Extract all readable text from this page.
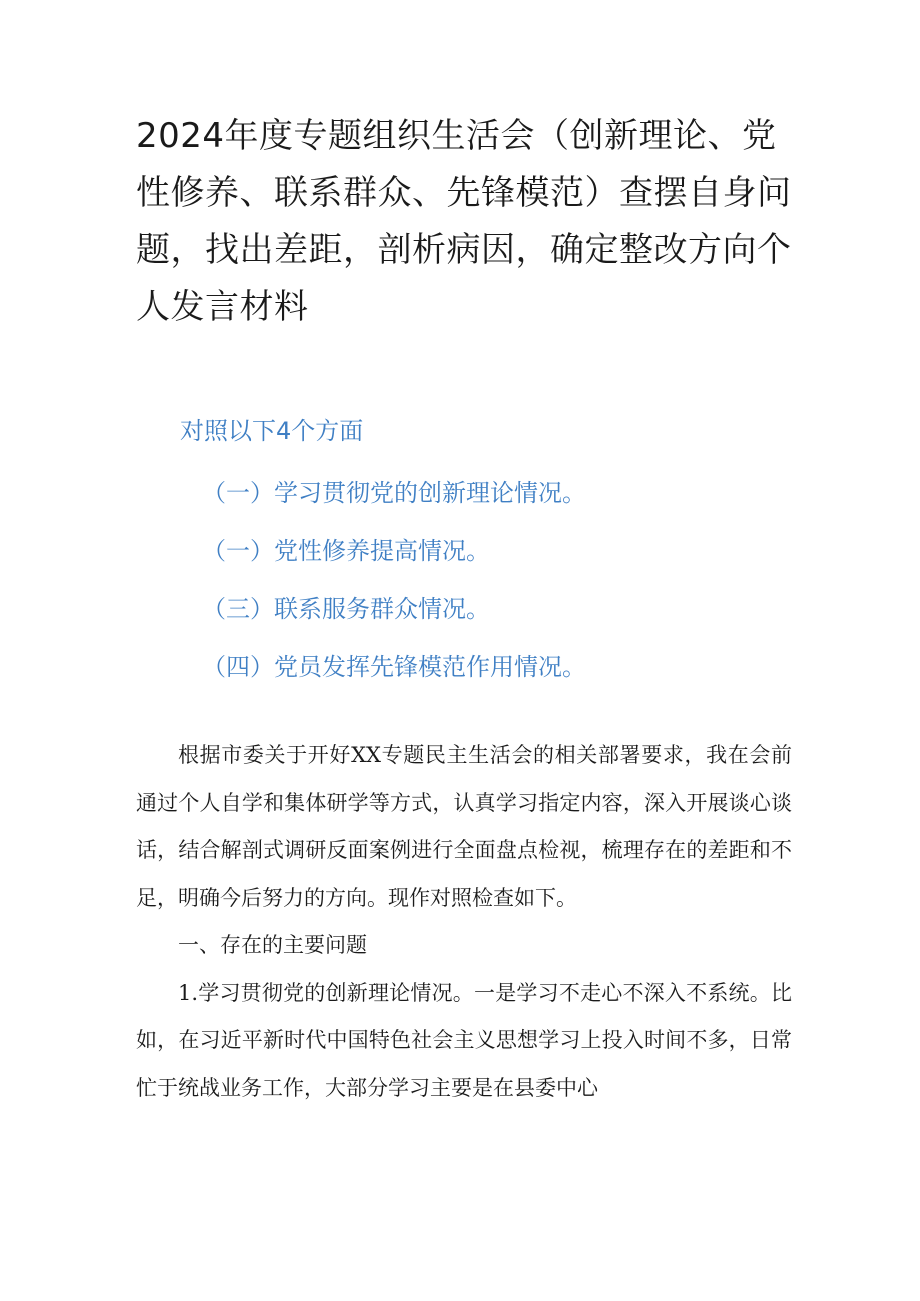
2024年度专题组织生活会（创新理论、党性修养、联系群众、先锋模范）查摆自身问题，找出差距，剖析病因，确定整改方向个人发言材料
对照以下4个方面
（一）学习贯彻党的创新理论情况。
（一）党性修养提高情况。
（三）联系服务群众情况。
（四）党员发挥先锋模范作用情况。

根据市委关于开好XX专题民主生活会的相关部署要求，我在会前通过个人自学和集体研学等方式，认真学习指定内容，深入开展谈心谈话，结合解剖式调研反面案例进行全面盘点检视，梳理存在的差距和不足，明确今后努力的方向。现作对照检查如下。

一、存在的主要问题

1.学习贯彻党的创新理论情况。一是学习不走心不深入不系统。比如，在习近平新时代中国特色社会主义思想学习上投入时间不多，日常忙于统战业务工作，大部分学习主要是在县委中心
